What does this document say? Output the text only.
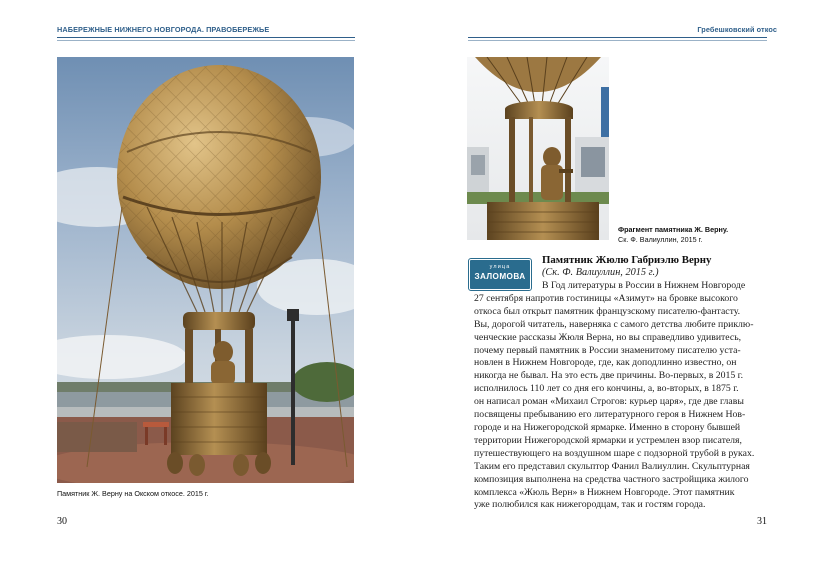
НАБЕРЕЖНЫЕ НИЖНЕГО НОВГОРОДА. ПРАВОБЕРЕЖЬЕ
Памятник Ж. Верну на Окском откосе. 2015 г.
30
Гребешковский откос
Фрагмент памятника Ж. Верну.
Ск. Ф. Валиуллин, 2015 г.
улица
ЗАЛОМОВА
Памятник Жюлю Габриэлю Верну
(Ск. Ф. Валиуллин, 2015 г.)

В Год литературы в России в Нижнем Новгороде

27 сентября напротив гостиницы «Азимут» на бровке высокого

откоса был открыт памятник французскому писателю-фантасту.

Вы, дорогой читатель, наверняка с самого детства любите приклю-

ченческие рассказы Жюля Верна, но вы справедливо удивитесь,

почему первый памятник в России знаменитому писателю уста-

новлен в Нижнем Новгороде, где, как доподлинно известно, он

никогда не бывал. На это есть две причины. Во-первых, в 2015 г.

исполнилось 110 лет со дня его кончины, а, во-вторых, в 1875 г.

он написал роман «Михаил Строгов: курьер царя», где две главы

посвящены пребыванию его литературного героя в Нижнем Нов-

городе и на Нижегородской ярмарке. Именно в сторону бывшей

территории Нижегородской ярмарки и устремлен взор писателя,

путешествующего на воздушном шаре с подзорной трубой в руках.

Таким его представил скульптор Фанил Валиуллин. Скульптурная

композиция выполнена на средства частного застройщика жилого

комплекса «Жюль Верн» в Нижнем Новгороде. Этот памятник

уже полюбился как нижегородцам, так и гостям города.

31
